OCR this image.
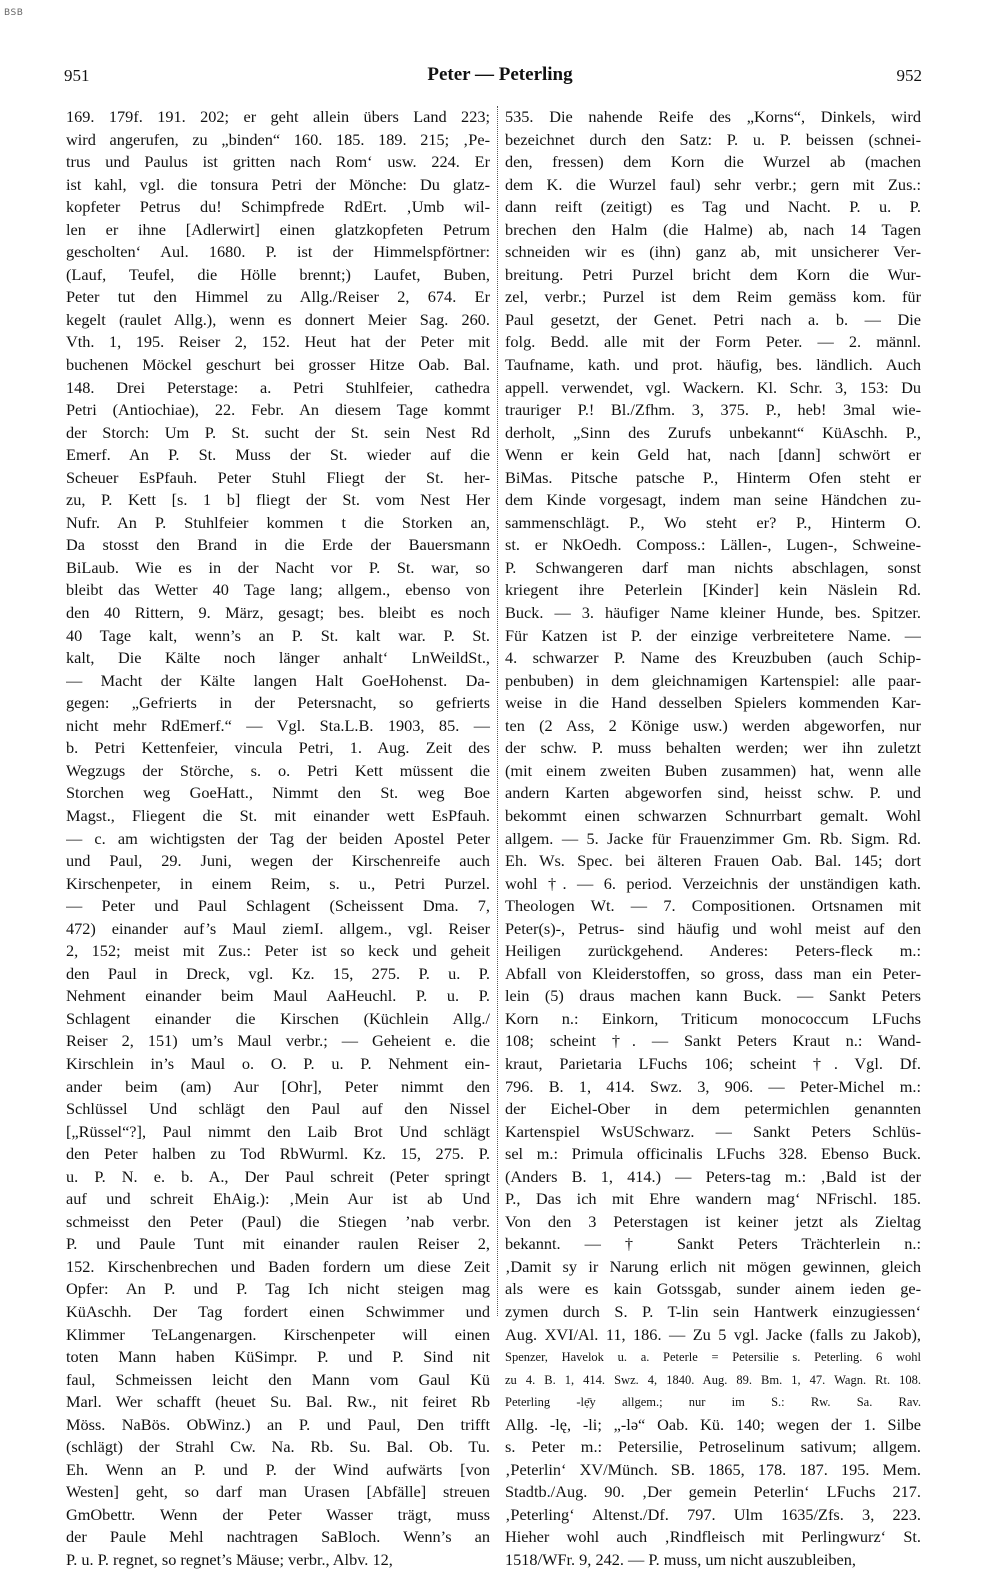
BSB
951	Peter — Peterling	952
169. 179f. 191. 202; er geht allein übers Land 223;
wird angerufen, zu „binden“ 160. 185. 189. 215; ‚Pe-
trus und Paulus ist gritten nach Rom‘ usw. 224. Er
ist kahl, vgl. die tonsura Petri der Mönche: Du glatz-
kopfeter Petrus du! Schimpfrede RdErt. ‚Umb wil-
len er ihne [Adlerwirt] einen glatzkopfeten Petrum
gescholten‘ Aul. 1680. P. ist der Himmelspförtner:
(Lauf, Teufel, die Hölle brennt;) Laufet, Buben,
Peter tut den Himmel zu Allg./Reiser 2, 674. Er
kegelt (raulet Allg.), wenn es donnert Meier Sag. 260.
Vth. 1, 195. Reiser 2, 152. Heut hat der Peter mit
buchenen Möckel geschurt bei grosser Hitze Oab. Bal.
148. Drei Peterstage: a. Petri Stuhlfeier, cathedra
Petri (Antiochiae), 22. Febr. An diesem Tage kommt
der Storch: Um P. St. sucht der St. sein Nest Rd
Emerf. An P. St. Muss der St. wieder auf die
Scheuer EsPfauh. Peter Stuhl Fliegt der St. her-
zu, P. Kett [s. 1 b] fliegt der St. vom Nest Her
Nufr. An P. Stuhlfeier kommen t die Storken an,
Da stosst den Brand in die Erde der Bauersmann
BiLaub. Wie es in der Nacht vor P. St. war, so
bleibt das Wetter 40 Tage lang; allgem., ebenso von
den 40 Rittern, 9. März, gesagt; bes. bleibt es noch
40 Tage kalt, wenn’s an P. St. kalt war. P. St.
kalt, Die Kälte noch länger anhalt‘ LnWeildSt.,
— Macht der Kälte langen Halt GoeHohenst. Da-
gegen: „Gefrierts in der Petersnacht, so gefrierts
nicht mehr RdEmerf.“ — Vgl. Sta.L.B. 1903, 85. —
b. Petri Kettenfeier, vincula Petri, 1. Aug. Zeit des
Wegzugs der Störche, s. o. Petri Kett müssent die
Storchen weg GoeHatt., Nimmt den St. weg Boe
Magst., Fliegent die St. mit einander wett EsPfauh.
— c. am wichtigsten der Tag der beiden Apostel Peter
und Paul, 29. Juni, wegen der Kirschenreife auch
Kirschenpeter, in einem Reim, s. u., Petri Purzel.
— Peter und Paul Schlagent (Scheissent Dma. 7,
472) einander auf’s Maul ziemI. allgem., vgl. Reiser
2, 152; meist mit Zus.: Peter ist so keck und geheit
den Paul in Dreck, vgl. Kz. 15, 275. P. u. P.
Nehment einander beim Maul AaHeuchl. P. u. P.
Schlagent einander die Kirschen (Küchlein Allg./
Reiser 2, 151) um’s Maul verbr.; — Geheient e. die
Kirschlein in’s Maul o. O. P. u. P. Nehment ein-
ander beim (am) Aur [Ohr], Peter nimmt den
Schlüssel Und schlägt den Paul auf den Nissel
[„Rüssel“?], Paul nimmt den Laib Brot Und schlägt
den Peter halben zu Tod RbWurml. Kz. 15, 275. P.
u. P. N. e. b. A., Der Paul schreit (Peter springt
auf und schreit EhAig.): ‚Mein Aur ist ab Und
schmeisst den Peter (Paul) die Stiegen ’nab verbr.
P. und Paule Tunt mit einander raulen Reiser 2,
152. Kirschenbrechen und Baden fordern um diese Zeit
Opfer: An P. und P. Tag Ich nicht steigen mag
KüAschh. Der Tag fordert einen Schwimmer und
Klimmer TeLangenargen. Kirschenpeter will einen
toten Mann haben KüSimpr. P. und P. Sind nit
faul, Schmeissen leicht den Mann vom Gaul Kü
Marl. Wer schafft (heuet Su. Bal. Rw., nit feiret Rb
Möss. NaBös. ObWinz.) an P. und Paul, Den trifft
(schlägt) der Strahl Cw. Na. Rb. Su. Bal. Ob. Tu.
Eh. Wenn an P. und P. der Wind aufwärts [von
Westen] geht, so darf man Urasen [Abfälle] streuen
GmObettr. Wenn der Peter Wasser trägt, muss
der Paule Mehl nachtragen SaBloch. Wenn’s an
P. u. P. regnet, so regnet’s Mäuse; verbr., Albv. 12,
535. Die nahende Reife des „Korns“, Dinkels, wird
bezeichnet durch den Satz: P. u. P. beissen (schnei-
den, fressen) dem Korn die Wurzel ab (machen
dem K. die Wurzel faul) sehr verbr.; gern mit Zus.:
dann reift (zeitigt) es Tag und Nacht. P. u. P.
brechen den Halm (die Halme) ab, nach 14 Tagen
schneiden wir es (ihn) ganz ab, mit unsicherer Ver-
breitung. Petri Purzel bricht dem Korn die Wur-
zel, verbr.; Purzel ist dem Reim gemäss kom. für
Paul gesetzt, der Genet. Petri nach a. b. — Die
folg. Bedd. alle mit der Form Peter. — 2. männl.
Taufname, kath. und prot. häufig, bes. ländlich. Auch
appell. verwendet, vgl. Wackern. Kl. Schr. 3, 153: Du
trauriger P.! Bl./Zfhm. 3, 375. P., heb! 3mal wie-
derholt, „Sinn des Zurufs unbekannt“ KüAschh. P.,
Wenn er kein Geld hat, nach [dann] schwört er
BiMas. Pitsche patsche P., Hinterm Ofen steht er
dem Kinde vorgesagt, indem man seine Händchen zu-
sammenschlägt. P., Wo steht er? P., Hinterm O.
st. er NkOedh. Composs.: Lällen-, Lugen-, Schweine-
P. Schwangeren darf man nichts abschlagen, sonst
kriegent ihre Peterlein [Kinder] kein Näslein Rd.
Buck. — 3. häufiger Name kleiner Hunde, bes. Spitzer.
Für Katzen ist P. der einzige verbreitetere Name. —
4. schwarzer P. Name des Kreuzbuben (auch Schip-
penbuben) in dem gleichnamigen Kartenspiel: alle paar-
weise in die Hand desselben Spielers kommenden Kar-
ten (2 Ass, 2 Könige usw.) werden abgeworfen, nur
der schw. P. muss behalten werden; wer ihn zuletzt
(mit einem zweiten Buben zusammen) hat, wenn alle
andern Karten abgeworfen sind, heisst schw. P. und
bekommt einen schwarzen Schnurrbart gemalt. Wohl
allgem. — 5. Jacke für Frauenzimmer Gm. Rb. Sigm. Rd.
Eh. Ws. Spec. bei älteren Frauen Oab. Bal. 145; dort
wohl †. — 6. period. Verzeichnis der unständigen kath.
Theologen Wt. — 7. Compositionen. Ortsnamen mit
Peter(s)-, Petrus- sind häufig und wohl meist auf den
Heiligen zurückgehend. Anderes: Peters-fleck m.:
Abfall von Kleiderstoffen, so gross, dass man ein Peter-
lein (5) draus machen kann Buck. — Sankt Peters
Korn n.: Einkorn, Triticum monococcum LFuchs
108; scheint †. — Sankt Peters Kraut n.: Wand-
kraut, Parietaria LFuchs 106; scheint †. Vgl. Df.
796. B. 1, 414. Swz. 3, 906. — Peter-Michel m.:
der Eichel-Ober in dem petermichlen genannten
Kartenspiel WsUSchwarz. — Sankt Peters Schlüs-
sel m.: Primula officinalis LFuchs 328. Ebenso Buck.
(Anders B. 1, 414.) — Peters-tag m.: ‚Bald ist der
P., Das ich mit Ehre wandern mag‘ NFrischl. 185.
Von den 3 Peterstagen ist keiner jetzt als Zieltag
bekannt. — † Sankt Peters Trächterlein n.:
‚Damit sy ir Narung erlich nit mögen gewinnen, gleich
als were es kain Gotssgab, sunder ainem ieden ge-
zymen durch S. P. T-lin sein Hantwerk einzugiessen‘
Aug. XVI/Al. 11, 186. — Zu 5 vgl. Jacke (falls zu Jakob),
Spenzer, Havelok u. a. Peterle = Petersilie s. Peterling. 6 wohl
zu 4. B. 1, 414. Swz. 4, 1840. Aug. 89. Bm. 1, 47. Wagn. Rt. 108.
Peterling -lẹ̄y allgem.; nur im S.: Rw. Sa. Rav.
Allg. -lę, -li; „-lə“ Oab. Kü. 140; wegen der 1. Silbe
s. Peter m.: Petersilie, Petroselinum sativum; allgem.
‚Peterlin‘ XV/Münch. SB. 1865, 178. 187. 195. Mem.
Stadtb./Aug. 90. ‚Der gemein Peterlin‘ LFuchs 217.
‚Peterling‘ Altenst./Df. 797. Ulm 1635/Zfs. 3, 223.
Hieher wohl auch ‚Rindfleisch mit Perlingwurz‘ St.
1518/WFr. 9, 242. — P. muss, um nicht auszubleiben,
